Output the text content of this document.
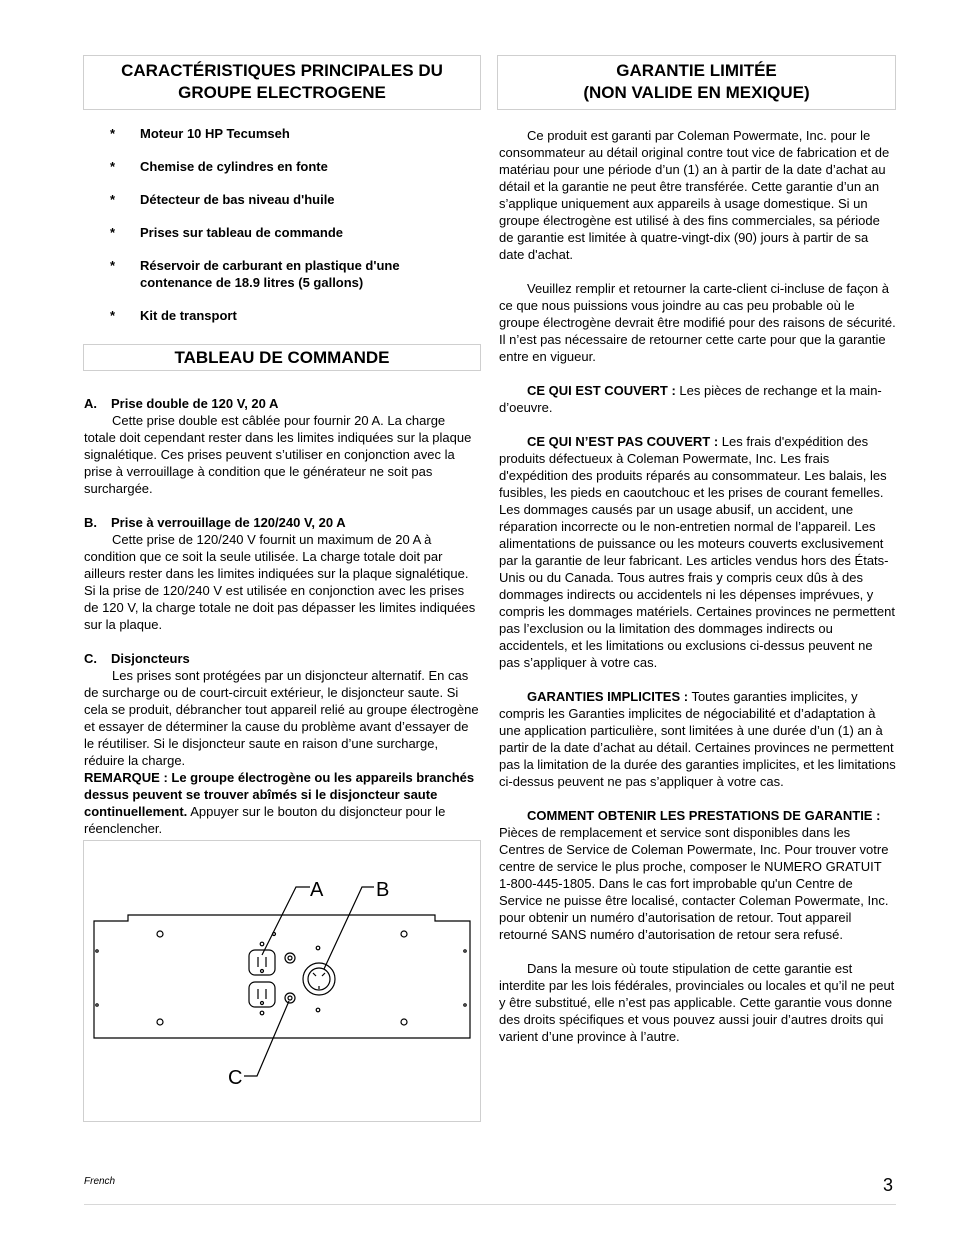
CARACTÉRISTIQUES PRINCIPALES DU
GROUPE ELECTROGENE
*	Moteur 10 HP Tecumseh
*	Chemise de cylindres en fonte
*	Détecteur de bas niveau d'huile
*	Prises sur tableau de commande
*	Réservoir de carburant en plastique d'une contenance de 18.9 litres (5 gallons)
*	Kit de transport
TABLEAU DE COMMANDE

A. Prise double de 120 V, 20 A

Cette prise double est câblée pour fournir 20 A. La charge totale doit cependant rester dans les limites indiquées sur la plaque signalétique. Ces prises peuvent s’utiliser en conjonction avec la prise à verrouillage à condition que le générateur ne soit pas surchargée.

B. Prise à verrouillage de 120/240 V, 20 A

Cette prise de 120/240 V fournit un maximum de 20 A à condition que ce soit la seule utilisée. La charge totale doit par ailleurs rester dans les limites indiquées sur la plaque signalétique. Si la prise de 120/240 V est utilisée en conjonction avec les prises de 120 V, la charge totale ne doit pas dépasser les limites indiquées sur la plaque.

C. Disjoncteurs

Les prises sont protégées par un disjoncteur alternatif. En cas de surcharge ou de court-circuit extérieur, le disjoncteur saute. Si cela se produit, débrancher tout appareil relié au groupe électrogène et essayer de déterminer la cause du problème avant d’essayer de le réutiliser. Si le disjoncteur saute en raison d’une surcharge, réduire la charge.

REMARQUE : Le groupe électrogène ou les appareils branchés dessus peuvent se trouver abîmés si le disjoncteur saute continuellement. Appuyer sur le bouton du disjoncteur pour le réenclencher.

A	B
C
GARANTIE LIMITÉE
(NON VALIDE EN MEXIQUE)

Ce produit est garanti par Coleman Powermate, Inc. pour le consommateur au détail original contre tout vice de fabrication et de matériau pour une période d’un (1) an à partir de la date d’achat au détail et la garantie ne peut être transférée. Cette garantie d’un an s’applique uniquement aux appareils à usage domestique. Si un groupe électrogène est utilisé à des fins commerciales, sa période de garantie est limitée à quatre-vingt-dix (90) jours à partir de sa date d'achat.

Veuillez remplir et retourner la carte-client ci-incluse de façon à ce que nous puissions vous joindre au cas peu probable où le groupe électrogène devrait être modifié pour des raisons de sécurité. Il n’est pas nécessaire de retourner cette carte pour que la garantie entre en vigueur.

CE QUI EST COUVERT : Les pièces de rechange et la main-d’oeuvre.

CE QUI N’EST PAS COUVERT : Les frais d'expédition des produits défectueux à Coleman Powermate, Inc. Les frais d'expédition des produits réparés au consommateur. Les balais, les fusibles, les pieds en caoutchouc et les prises de courant femelles. Les dommages causés par un usage abusif, un accident, une réparation incorrecte ou le non-entretien normal de l’appareil. Les alimentations de puissance ou les moteurs couverts exclusivement par la garantie de leur fabricant. Les articles vendus hors des États-Unis ou du Canada. Tous autres frais y compris ceux dûs à des dommages indirects ou accidentels ni les dépenses imprévues, y compris les dommages matériels. Certaines provinces ne permettent pas l’exclusion ou la limitation des dommages indirects ou accidentels, et les limitations ou exclusions ci-dessus peuvent ne pas s’appliquer à votre cas.

GARANTIES IMPLICITES : Toutes garanties implicites, y compris les Garanties implicites de négociabilité et d’adaptation à une application particulière, sont limitées à une durée d’un (1) an à partir de la date d’achat au détail. Certaines provinces ne permettent pas la limitation de la durée des garanties implicites, et les limitations ci-dessus peuvent ne pas s’appliquer à votre cas.

COMMENT OBTENIR LES PRESTATIONS DE GARANTIE : Pièces de remplacement et service sont disponibles dans les Centres de Service de Coleman Powermate, Inc. Pour trouver votre centre de service le plus proche, composer le NUMERO GRATUIT 1-800-445-1805. Dans le cas fort improbable qu'un Centre de Service ne puisse être localisé, contacter Coleman Powermate, Inc. pour obtenir un numéro d’autorisation de retour. Tout appareil retourné SANS numéro d’autorisation de retour sera refusé.

Dans la mesure où toute stipulation de cette garantie est interdite par les lois fédérales, provinciales ou locales et qu’il ne peut y être substitué, elle n’est pas applicable. Cette garantie vous donne des droits spécifiques et vous pouvez aussi jouir d’autres droits qui varient d’une province à l’autre.

French	3
